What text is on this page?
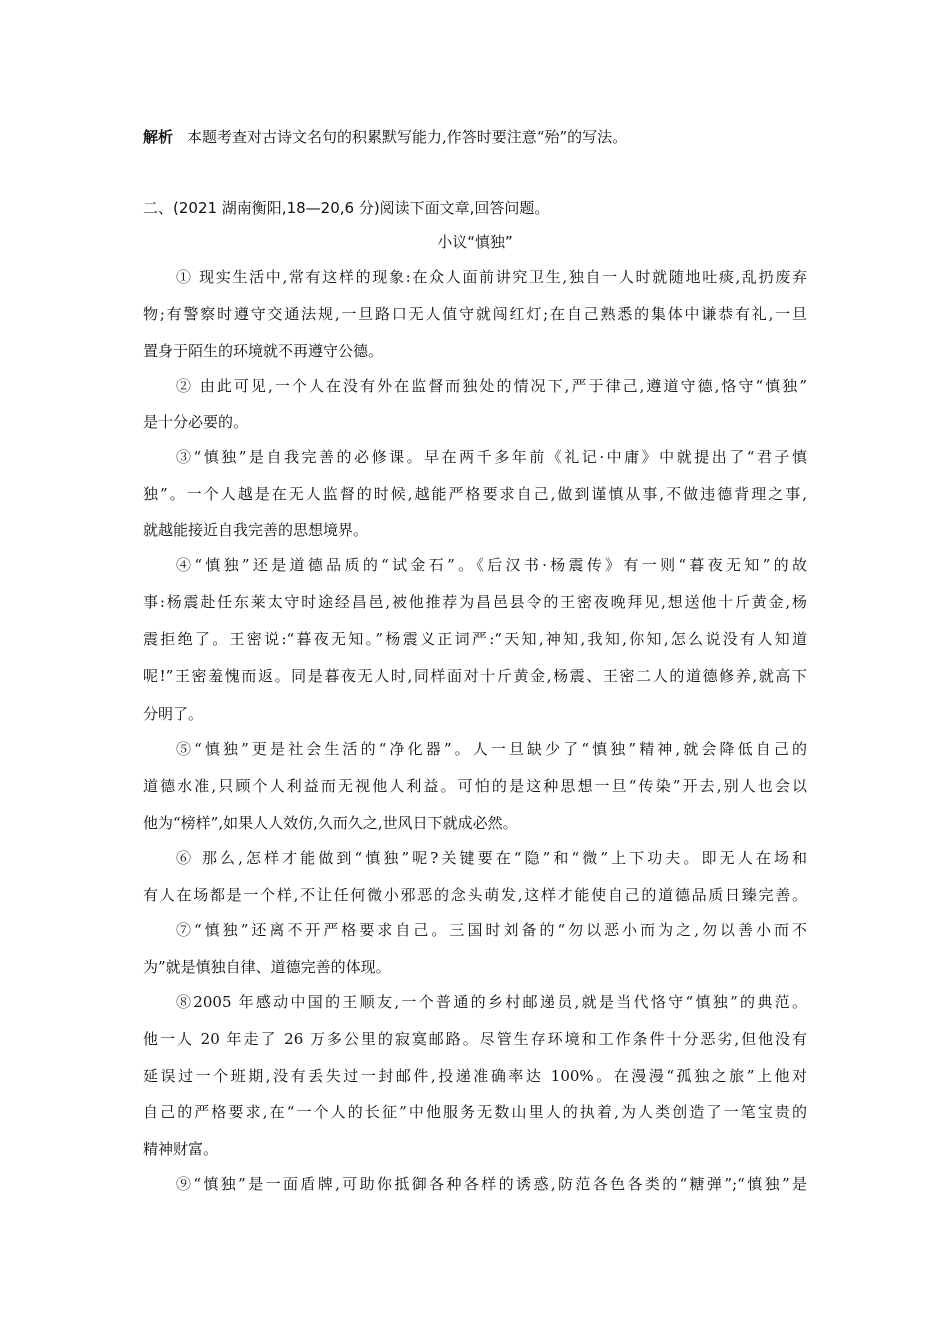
解析 本题考查对古诗文名句的积累默写能力,作答时要注意“殆”的写法。
二、(2021 湖南衡阳,18—20,6 分)阅读下面文章,回答问题。
小议“慎独”
① 现实生活中,常有这样的现象:在众人面前讲究卫生,独自一人时就随地吐痰,乱扔废弃
物;有警察时遵守交通法规,一旦路口无人值守就闯红灯;在自己熟悉的集体中谦恭有礼,一旦
置身于陌生的环境就不再遵守公德。
② 由此可见,一个人在没有外在监督而独处的情况下,严于律己,遵道守德,恪守“慎独”
是十分必要的。
③“慎独”是自我完善的必修课。早在两千多年前《礼记·中庸》中就提出了“君子慎
独”。一个人越是在无人监督的时候,越能严格要求自己,做到谨慎从事,不做违德背理之事,
就越能接近自我完善的思想境界。
④“慎独”还是道德品质的“试金石”。《后汉书·杨震传》有一则“暮夜无知”的故
事:杨震赴任东莱太守时途经昌邑,被他推荐为昌邑县令的王密夜晚拜见,想送他十斤黄金,杨
震拒绝了。王密说:“暮夜无知。”杨震义正词严:“天知,神知,我知,你知,怎么说没有人知道
呢!”王密羞愧而返。同是暮夜无人时,同样面对十斤黄金,杨震、王密二人的道德修养,就高下
分明了。
⑤“慎独”更是社会生活的“净化器”。人一旦缺少了“慎独”精神,就会降低自己的
道德水准,只顾个人利益而无视他人利益。可怕的是这种思想一旦“传染”开去,别人也会以
他为“榜样”,如果人人效仿,久而久之,世风日下就成必然。
⑥ 那么,怎样才能做到“慎独”呢?关键要在“隐”和“微”上下功夫。即无人在场和
有人在场都是一个样,不让任何微小邪恶的念头萌发,这样才能使自己的道德品质日臻完善。
⑦“慎独”还离不开严格要求自己。三国时刘备的“勿以恶小而为之,勿以善小而不
为”就是慎独自律、道德完善的体现。
⑧2005 年感动中国的王顺友,一个普通的乡村邮递员,就是当代恪守“慎独”的典范。
他一人 20 年走了 26 万多公里的寂寞邮路。尽管生存环境和工作条件十分恶劣,但他没有
延误过一个班期,没有丢失过一封邮件,投递准确率达 100%。在漫漫“孤独之旅”上他对
自己的严格要求,在“一个人的长征”中他服务无数山里人的执着,为人类创造了一笔宝贵的
精神财富。
⑨“慎独”是一面盾牌,可助你抵御各种各样的诱惑,防范各色各类的“糖弹”;“慎独”是
